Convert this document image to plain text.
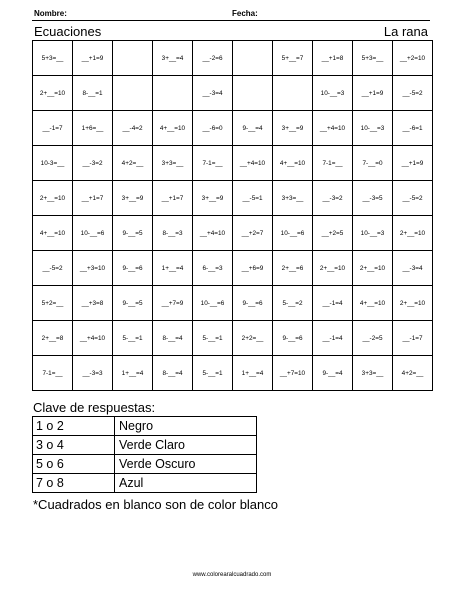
Nombre:	Fecha:
Ecuaciones	La rana
5+3=__	__+1=9		3+__=4	__-2=6		5+__=7	__+1=8	5+3=__	__+2=10
2+__=10	8-__=1			__-3=4			10-__=3	__+1=9	__-5=2
__-1=7	1+6=__	__-4=2	4+__=10	__-6=0	9-__=4	3+__=9	__+4=10	10-__=3	__-6=1
10-3=__	__-3=2	4+2=__	3+3=__	7-1=__	__+4=10	4+__=10	7-1=__	7-__=0	__+1=9
2+__=10	__+1=7	3+__=9	__+1=7	3+__=9	__-5=1	3+3=__	__-3=2	__-3=5	__-5=2
4+__=10	10-__=6	9-__=5	8-__=3	__+4=10	__+2=7	10-__=6	__+2=5	10-__=3	2+__=10
__-5=2	__+3=10	9-__=6	1+__=4	6-__=3	__+6=9	2+__=6	2+__=10	2+__=10	__-3=4
5+2=__	__+3=8	9-__=5	__+7=9	10-__=6	9-__=6	5-__=2	__-1=4	4+__=10	2+__=10
2+__=8	__+4=10	5-__=1	8-__=4	5-__=1	2+2=__	9-__=6	__-1=4	__-2=5	__-1=7
7-1=__	__-3=3	1+__=4	8-__=4	5-__=1	1+__=4	__+7=10	9-__=4	3+3=__	4+2=__
Clave de respuestas:
1 o 2	Negro
3 o 4	Verde Claro
5 o 6	Verde Oscuro
7 o 8	Azul
*Cuadrados en blanco son de color blanco
www.colorearalcuadrado.com
